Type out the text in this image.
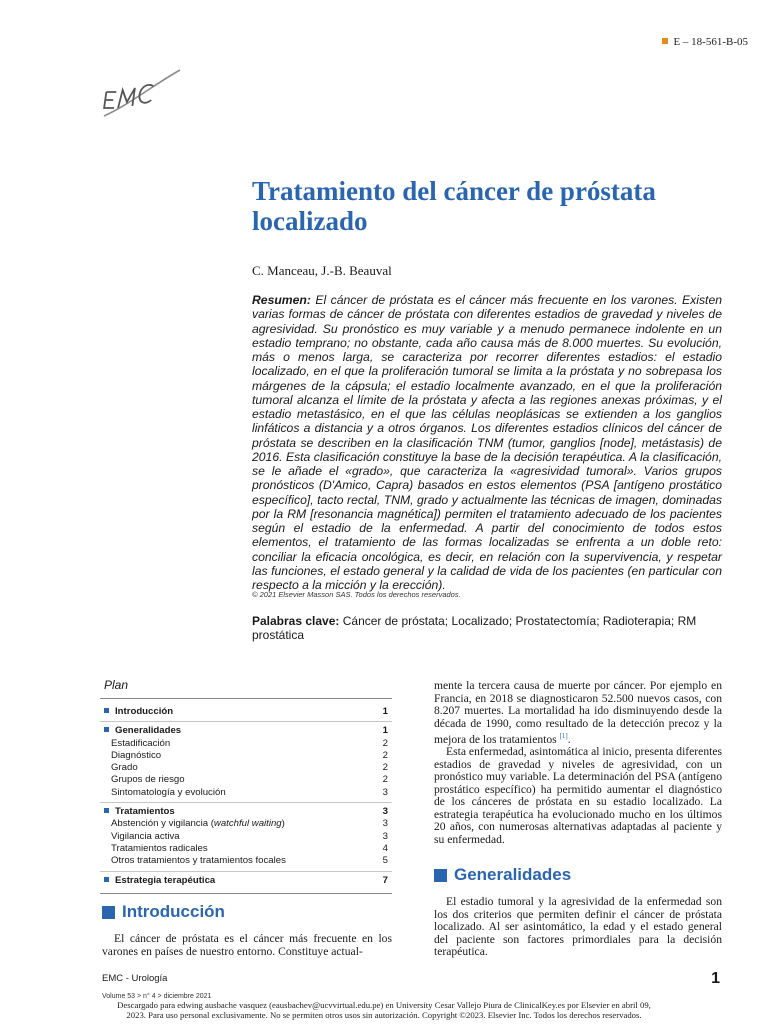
E – 18-561-B-05
Tratamiento del cáncer de próstata localizado
C. Manceau, J.-B. Beauval
Resumen: El cáncer de próstata es el cáncer más frecuente en los varones. Existen varias formas de cáncer de próstata con diferentes estadios de gravedad y niveles de agresividad. Su pronóstico es muy variable y a menudo permanece indolente en un estadio temprano; no obstante, cada año causa más de 8.000 muertes. Su evolución, más o menos larga, se caracteriza por recorrer diferentes estadios: el estadio localizado, en el que la proliferación tumoral se limita a la próstata y no sobrepasa los márgenes de la cápsula; el estadio localmente avanzado, en el que la proliferación tumoral alcanza el límite de la próstata y afecta a las regiones anexas próximas, y el estadio metastásico, en el que las células neoplásicas se extienden a los ganglios linfáticos a distancia y a otros órganos. Los diferentes estadios clínicos del cáncer de próstata se describen en la clasificación TNM (tumor, ganglios [node], metástasis) de 2016. Esta clasificación constituye la base de la decisión terapéutica. A la clasificación, se le añade el «grado», que caracteriza la «agresividad tumoral». Varios grupos pronósticos (D'Amico, Capra) basados en estos elementos (PSA [antígeno prostático específico], tacto rectal, TNM, grado y actualmente las técnicas de imagen, dominadas por la RM [resonancia magnética]) permiten el tratamiento adecuado de los pacientes según el estadio de la enfermedad. A partir del conocimiento de todos estos elementos, el tratamiento de las formas localizadas se enfrenta a un doble reto: conciliar la eficacia oncológica, es decir, en relación con la supervivencia, y respetar las funciones, el estado general y la calidad de vida de los pacientes (en particular con respecto a la micción y la erección).
© 2021 Elsevier Masson SAS. Todos los derechos reservados.
Palabras clave: Cáncer de próstata; Localizado; Prostatectomía; Radioterapia; RM prostática
Plan
Introducción	1
Generalidades	1
Estadificación	2
Diagnóstico	2
Grado	2
Grupos de riesgo	2
Sintomatología y evolución	3
Tratamientos	3
Abstención y vigilancia (watchful waiting)	3
Vigilancia activa	3
Tratamientos radicales	4
Otros tratamientos y tratamientos focales	5
Estrategia terapéutica	7
Introducción
Generalidades

El cáncer de próstata es el cáncer más frecuente en los varones en países de nuestro entorno. Constituye actual-

mente la tercera causa de muerte por cáncer. Por ejemplo en Francia, en 2018 se diagnosticaron 52.500 nuevos casos, con 8.207 muertes. La mortalidad ha ido disminuyendo desde la década de 1990, como resultado de la detección precoz y la mejora de los tratamientos [1].

Esta enfermedad, asintomática al inicio, presenta diferentes estadios de gravedad y niveles de agresividad, con un pronóstico muy variable. La determinación del PSA (antígeno prostático específico) ha permitido aumentar el diagnóstico de los cánceres de próstata en su estadio localizado. La estrategia terapéutica ha evolucionado mucho en los últimos 20 años, con numerosas alternativas adaptadas al paciente y su enfermedad.

El estadio tumoral y la agresividad de la enfermedad son los dos criterios que permiten definir el cáncer de próstata localizado. Al ser asintomático, la edad y el estado general del paciente son factores primordiales para la decisión terapéutica.

EMC - Urología	1
Volume 53 > n° 4 > diciembre 2021
Descargado para edwing ausbache vasquez (eausbachev@ucvvirtual.edu.pe) en University Cesar Vallejo Piura de ClinicalKey.es por Elsevier en abril 09,
2023. Para uso personal exclusivamente. No se permiten otros usos sin autorización. Copyright ©2023. Elsevier Inc. Todos los derechos reservados.
